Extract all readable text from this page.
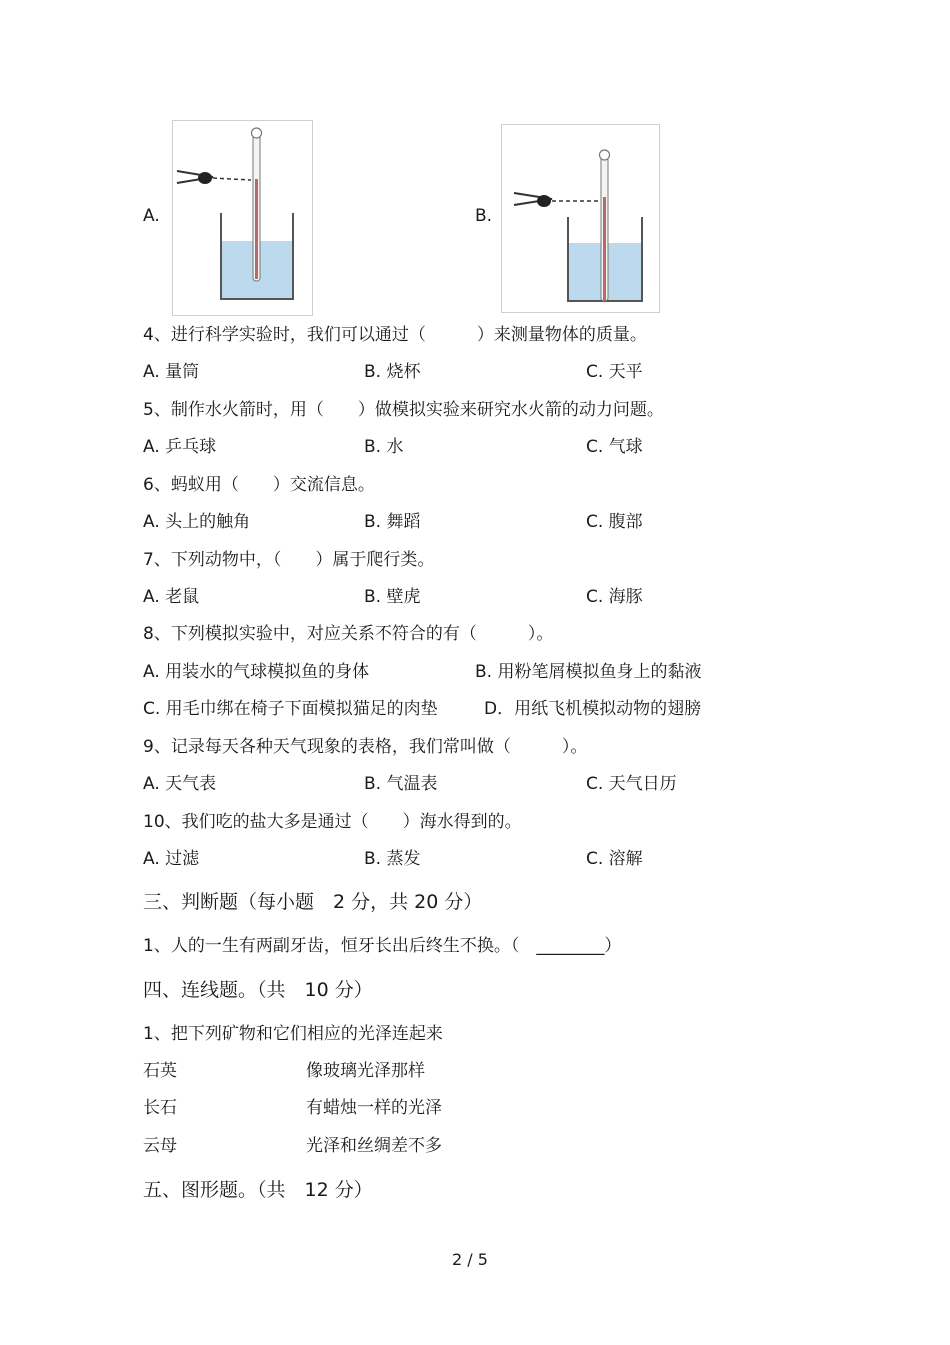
A.	B.
4、进行科学实验时，我们可以通过（　　　）来测量物体的质量。
A. 量筒	B. 烧杯	C. 天平
5、制作水火箭时，用（　　）做模拟实验来研究水火箭的动力问题。
A. 乒乓球	B. 水	C. 气球
6、蚂蚁用（　　）交流信息。
A. 头上的触角	B. 舞蹈	C. 腹部
7、下列动物中，（　　）属于爬行类。
A. 老鼠	B. 壁虎	C. 海豚
8、下列模拟实验中，对应关系不符合的有（　　　）。
A. 用装水的气球模拟鱼的身体	B. 用粉笔屑模拟鱼身上的黏液
C. 用毛巾绑在椅子下面模拟猫足的肉垫	D．用纸飞机模拟动物的翅膀
9、记录每天各种天气现象的表格，我们常叫做（　　　）。
A. 天气表	B. 气温表	C. 天气日历
10、我们吃的盐大多是通过（　　）海水得到的。
A. 过滤	B. 蒸发	C. 溶解
三、判断题（每小题　2 分，共 20 分）
1、人的一生有两副牙齿，恒牙长出后终生不换。（　________）
四、连线题。（共　10 分）
1、把下列矿物和它们相应的光泽连起来
石英	像玻璃光泽那样
长石	有蜡烛一样的光泽
云母	光泽和丝绸差不多
五、图形题。（共　12 分）
2 / 5
